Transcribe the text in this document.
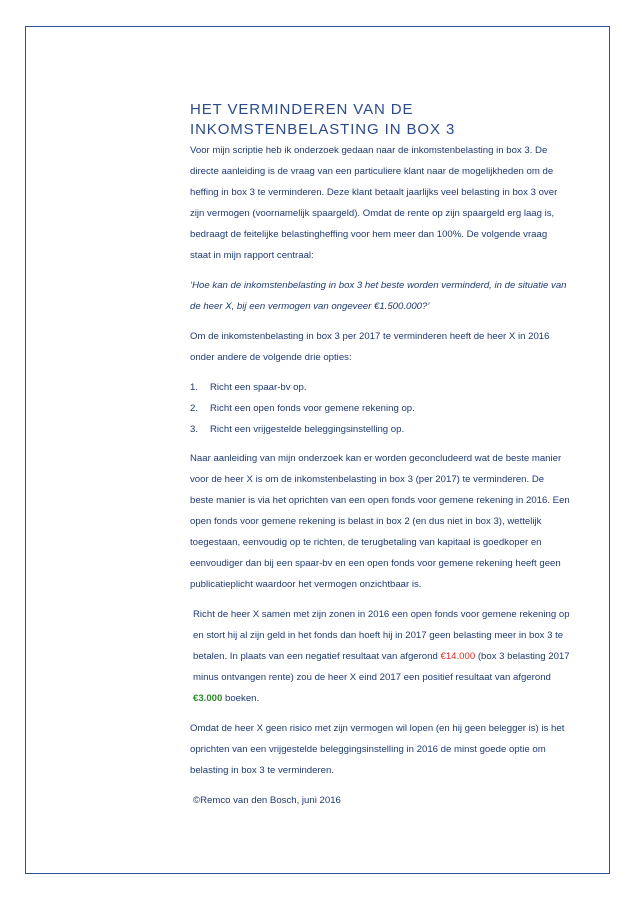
HET VERMINDEREN VAN DE INKOMSTENBELASTING IN BOX 3

Voor mijn scriptie heb ik onderzoek gedaan naar de inkomstenbelasting in box 3. De directe aanleiding is de vraag van een particuliere klant naar de mogelijkheden om de heffing in box 3 te verminderen. Deze klant betaalt jaarlijks veel belasting in box 3 over zijn vermogen (voornamelijk spaargeld). Omdat de rente op zijn spaargeld erg laag is, bedraagt de feitelijke belastingheffing voor hem meer dan 100%. De volgende vraag staat in mijn rapport centraal:

‘Hoe kan de inkomstenbelasting in box 3 het beste worden verminderd, in de situatie van de heer X, bij een vermogen van ongeveer €1.500.000?’

Om de inkomstenbelasting in box 3 per 2017 te verminderen heeft de heer X in 2016 onder andere de volgende drie opties:

1.	Richt een spaar-bv op.
2.	Richt een open fonds voor gemene rekening op.
3.	Richt een vrijgestelde beleggingsinstelling op.

Naar aanleiding van mijn onderzoek kan er worden geconcludeerd wat de beste manier voor de heer X is om de inkomstenbelasting in box 3 (per 2017) te verminderen. De beste manier is via het oprichten van een open fonds voor gemene rekening in 2016. Een open fonds voor gemene rekening is belast in box 2 (en dus niet in box 3), wettelijk toegestaan, eenvoudig op te richten, de terugbetaling van kapitaal is goedkoper en eenvoudiger dan bij een spaar-bv en een open fonds voor gemene rekening heeft geen publicatieplicht waardoor het vermogen onzichtbaar is.

Richt de heer X samen met zijn zonen in 2016 een open fonds voor gemene rekening op en stort hij al zijn geld in het fonds dan hoeft hij in 2017 geen belasting meer in box 3 te betalen. In plaats van een negatief resultaat van afgerond €14.000 (box 3 belasting 2017 minus ontvangen rente) zou de heer X eind 2017 een positief resultaat van afgerond €3.000 boeken.

Omdat de heer X geen risico met zijn vermogen wil lopen (en hij geen belegger is) is het oprichten van een vrijgestelde beleggingsinstelling in 2016 de minst goede optie om belasting in box 3 te verminderen.

©Remco van den Bosch, juni 2016
